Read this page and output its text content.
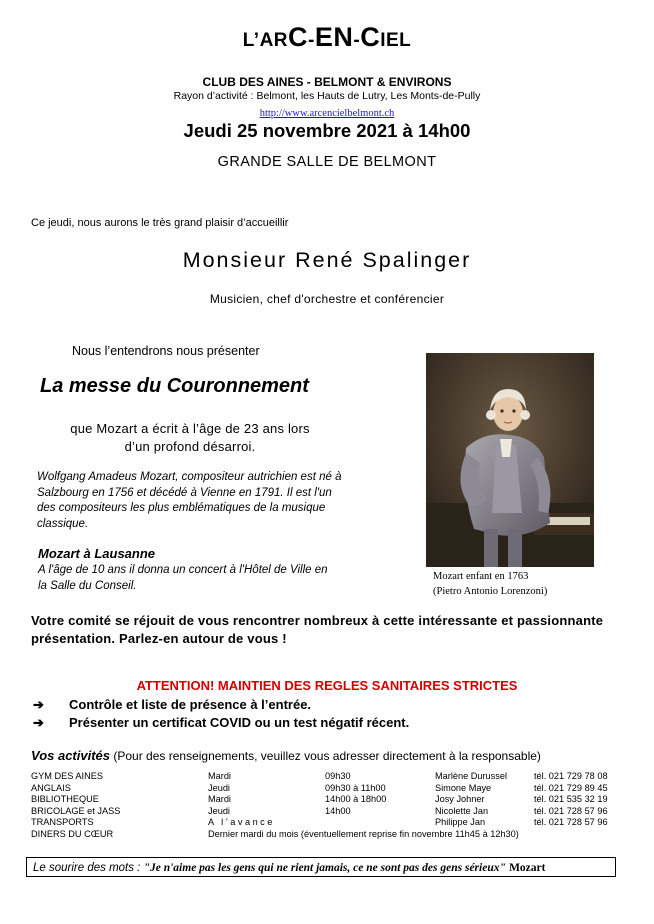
L’ARC-EN-CIEL
CLUB DES AINES - BELMONT & ENVIRONS
Rayon d’activité : Belmont, les Hauts de Lutry, Les Monts-de-Pully
http://www.arcencielbelmont.ch
Jeudi 25 novembre 2021 à 14h00
GRANDE SALLE DE BELMONT
Ce jeudi, nous aurons le très grand plaisir d’accueillir
Monsieur René Spalinger
Musicien, chef d'orchestre et conférencier
Nous l’entendrons nous présenter
La messe du Couronnement
que Mozart a écrit à l’âge de 23 ans lors
d’un profond désarroi.
Wolfgang Amadeus Mozart, compositeur autrichien est né à Salzbourg en 1756 et décédé à Vienne en 1791. Il est l'un des compositeurs les plus emblématiques de la musique classique.
Mozart à Lausanne
A l'âge de 10 ans il donna un concert à l'Hôtel de Ville en la Salle du Conseil.
Mozart enfant en 1763
(Pietro Antonio Lorenzoni)
Votre comité se réjouit de vous rencontrer nombreux à cette intéressante et passionnante présentation. Parlez-en autour de vous !
ATTENTION! MAINTIEN DES REGLES SANITAIRES STRICTES
➔ Contrôle et liste de présence à l’entrée.
➔ Présenter un certificat COVID ou un test négatif récent.
Vos activités (Pour des renseignements, veuillez vous adresser directement à la responsable)
GYM DES AINES	Mardi	09h30	Marlène Durussel	tél. 021 729 78 08
ANGLAIS	Jeudi	09h30 à 11h00	Simone Maye	tél. 021 729 89 45
BIBLIOTHEQUE	Mardi	14h00 à 18h00	Josy Johner	tél. 021 535 32 19
BRICOLAGE et JASS	Jeudi	14h00	Nicolette Jan	tél. 021 728 57 96
TRANSPORTS	A l’avance	Philippe Jan	tél. 021 728 57 96
DINERS DU CŒUR	Dernier mardi du mois (éventuellement reprise fin novembre 11h45 à 12h30)
Le sourire des mots : "Je n'aime pas les gens qui ne rient jamais, ce ne sont pas des gens sérieux" Mozart
